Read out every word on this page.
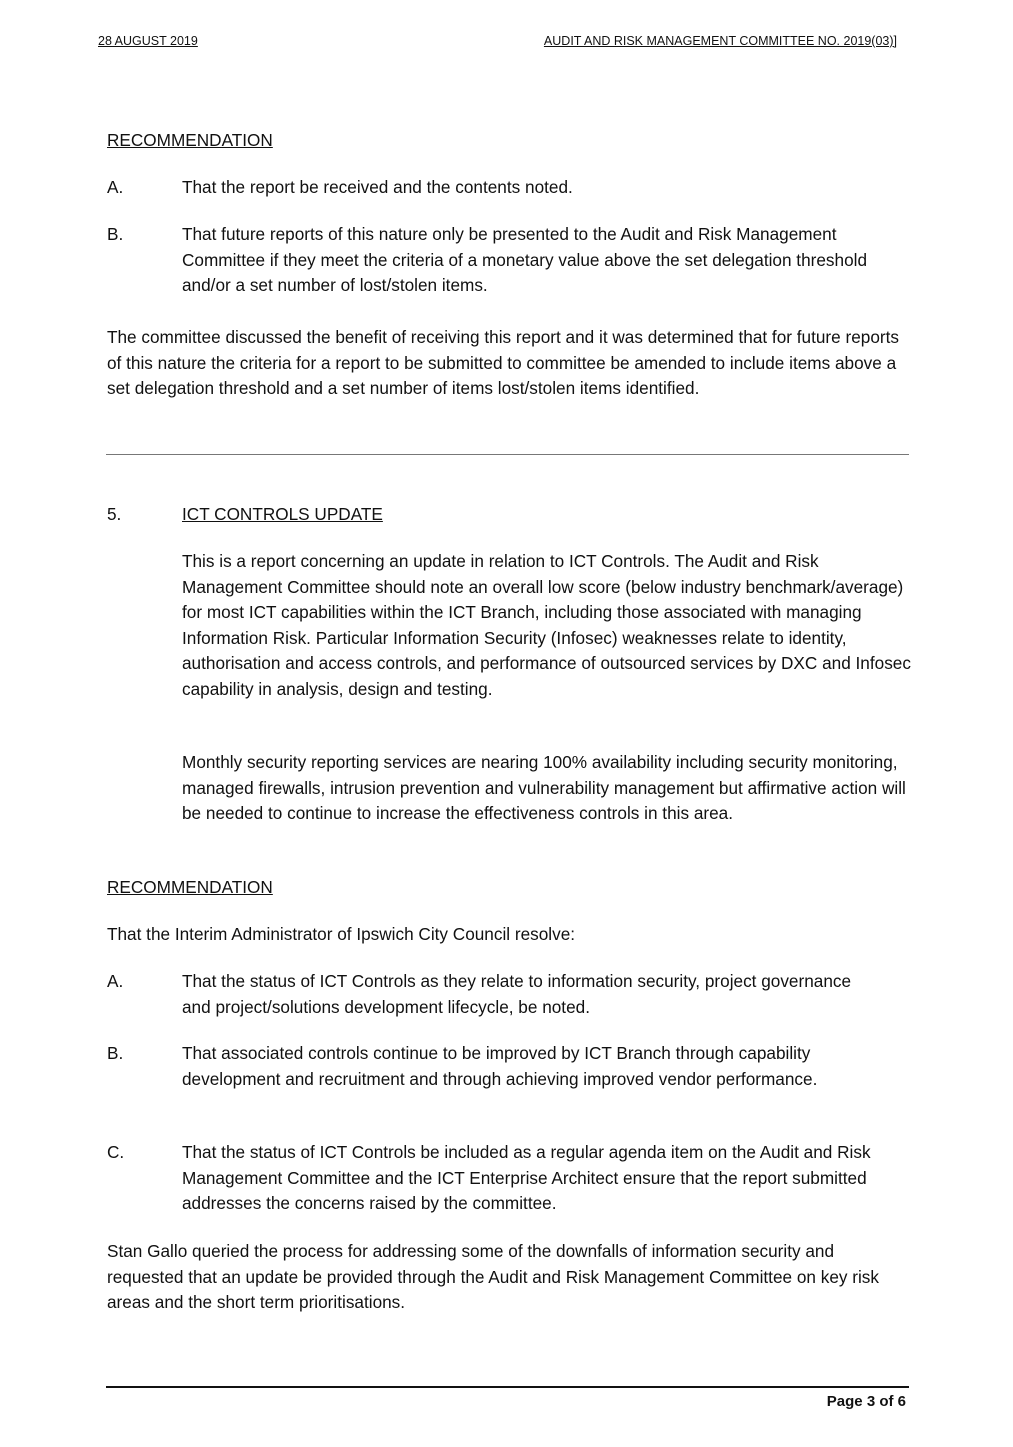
28 AUGUST 2019	AUDIT AND RISK MANAGEMENT COMMITTEE NO. 2019(03)]
RECOMMENDATION
A.	That the report be received and the contents noted.
B.	That future reports of this nature only be presented to the Audit and Risk Management Committee if they meet the criteria of a monetary value above the set delegation threshold and/or a set number of lost/stolen items.
The committee discussed the benefit of receiving this report and it was determined that for future reports of this nature the criteria for a report to be submitted to committee be amended to include items above a set delegation threshold and a set number of items lost/stolen items identified.
5.	ICT CONTROLS UPDATE
This is a report concerning an update in relation to ICT Controls. The Audit and Risk Management Committee should note an overall low score (below industry benchmark/average) for most ICT capabilities within the ICT Branch, including those associated with managing Information Risk. Particular Information Security (Infosec) weaknesses relate to identity, authorisation and access controls, and performance of outsourced services by DXC and Infosec capability in analysis, design and testing.
Monthly security reporting services are nearing 100% availability including security monitoring, managed firewalls, intrusion prevention and vulnerability management but affirmative action will be needed to continue to increase the effectiveness controls in this area.
RECOMMENDATION
That the Interim Administrator of Ipswich City Council resolve:
A.	That the status of ICT Controls as they relate to information security, project governance and project/solutions development lifecycle, be noted.
B.	That associated controls continue to be improved by ICT Branch through capability development and recruitment and through achieving improved vendor performance.
C.	That the status of ICT Controls be included as a regular agenda item on the Audit and Risk Management Committee and the ICT Enterprise Architect ensure that the report submitted addresses the concerns raised by the committee.
Stan Gallo queried the process for addressing some of the downfalls of information security and requested that an update be provided through the Audit and Risk Management Committee on key risk areas and the short term prioritisations.
Page 3 of 6
